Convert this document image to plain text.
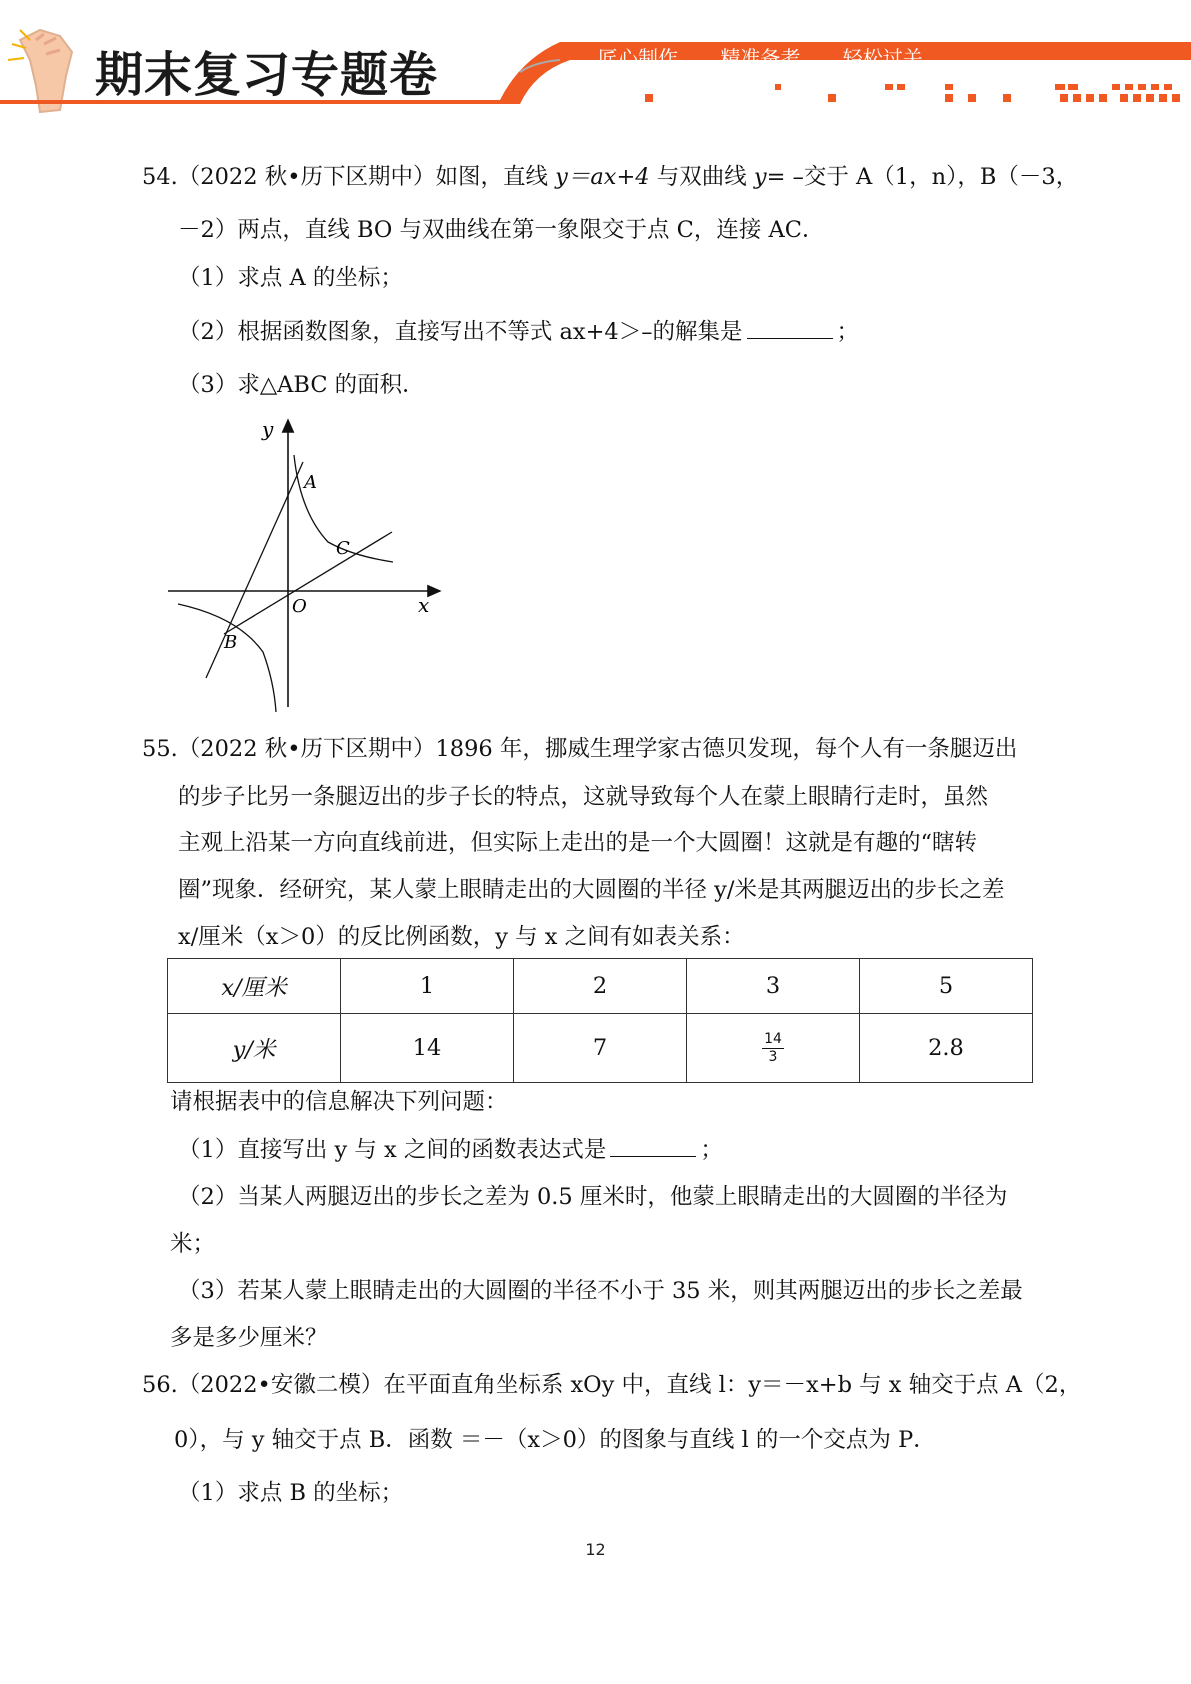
期末复习专题卷	匠心制作 精准备考 轻松过关
54.（2022 秋•历下区期中）如图，直线 y＝ax+4 与双曲线 y= –交于 A（1，n），B（－3，
－2）两点，直线 BO 与双曲线在第一象限交于点 C，连接 AC．
（1）求点 A 的坐标；
（2）根据函数图象，直接写出不等式 ax+4＞–的解集是	；
（3）求△ABC 的面积．
y
x
O
A
C
B
55.（2022 秋•历下区期中）1896 年，挪威生理学家古德贝发现，每个人有一条腿迈出
的步子比另一条腿迈出的步子长的特点，这就导致每个人在蒙上眼睛行走时，虽然
主观上沿某一方向直线前进，但实际上走出的是一个大圆圈！这就是有趣的“瞎转
圈”现象．经研究，某人蒙上眼睛走出的大圆圈的半径 y/米是其两腿迈出的步长之差
x/厘米（x＞0）的反比例函数，y 与 x 之间有如表关系：
x/厘米	1	2	3	5
y/米	14	7	$\frac{14}{3}$	2.8
请根据表中的信息解决下列问题：
（1）直接写出 y 与 x 之间的函数表达式是	；
（2）当某人两腿迈出的步长之差为 0.5 厘米时，他蒙上眼睛走出的大圆圈的半径为
米；
（3）若某人蒙上眼睛走出的大圆圈的半径不小于 35 米，则其两腿迈出的步长之差最
多是多少厘米？
56.（2022•安徽二模）在平面直角坐标系 xOy 中，直线 l：y＝－x+b 与 x 轴交于点 A（2，
0），与 y 轴交于点 B．函数 ＝－（x＞0）的图象与直线 l 的一个交点为 P．
（1）求点 B 的坐标；
12
